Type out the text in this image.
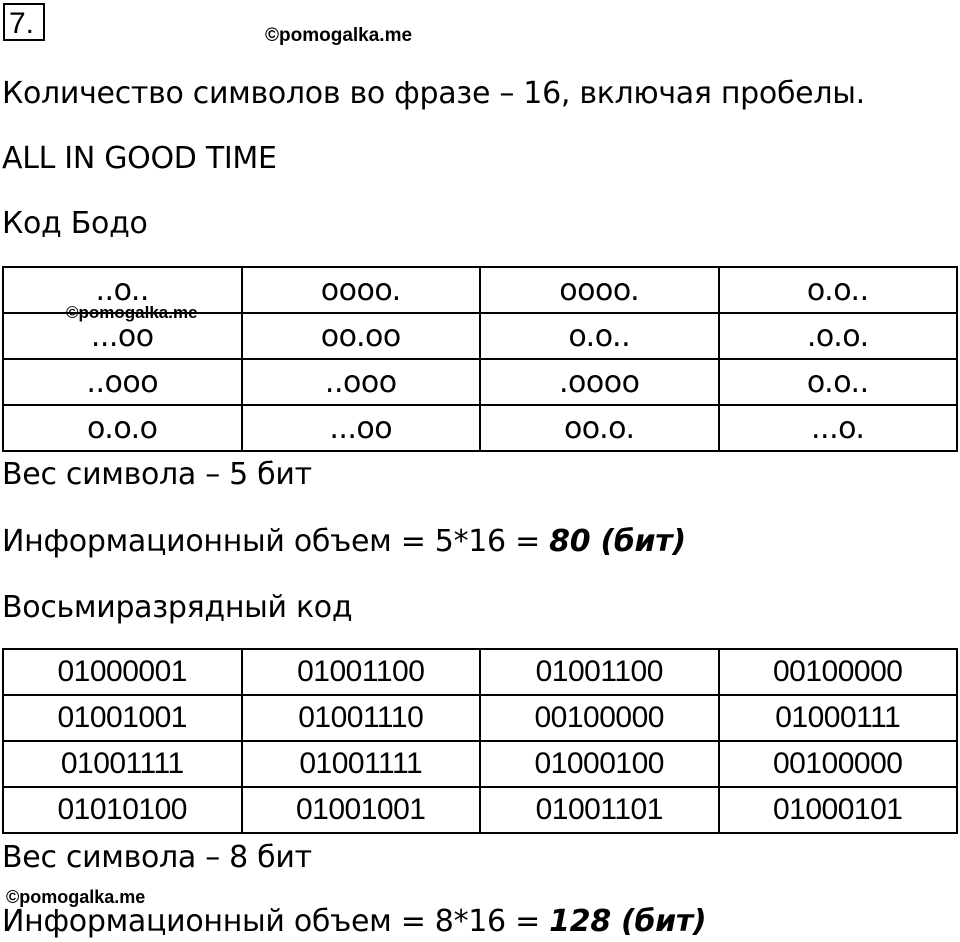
7.	©pomogalka.me
Количество символов во фразе – 16, включая пробелы.
ALL IN GOOD TIME
Код Бодо
..o..	oooo.	oooo.	o.o..
...oo	oo.oo	o.o..	.o.o.
..ooo	..ooo	.oooo	o.o..
o.o.o	...oo	oo.o.	...o.
©pomogalka.me
Вес символа – 5 бит
Информационный объем = 5*16 = 80 (бит)
Восьмиразрядный код
01000001	01001100	01001100	00100000
01001001	01001110	00100000	01000111
01001111	01001111	01000100	00100000
01010100	01001001	01001101	01000101
Вес символа – 8 бит
©pomogalka.me
Информационный объем = 8*16 = 128 (бит)
